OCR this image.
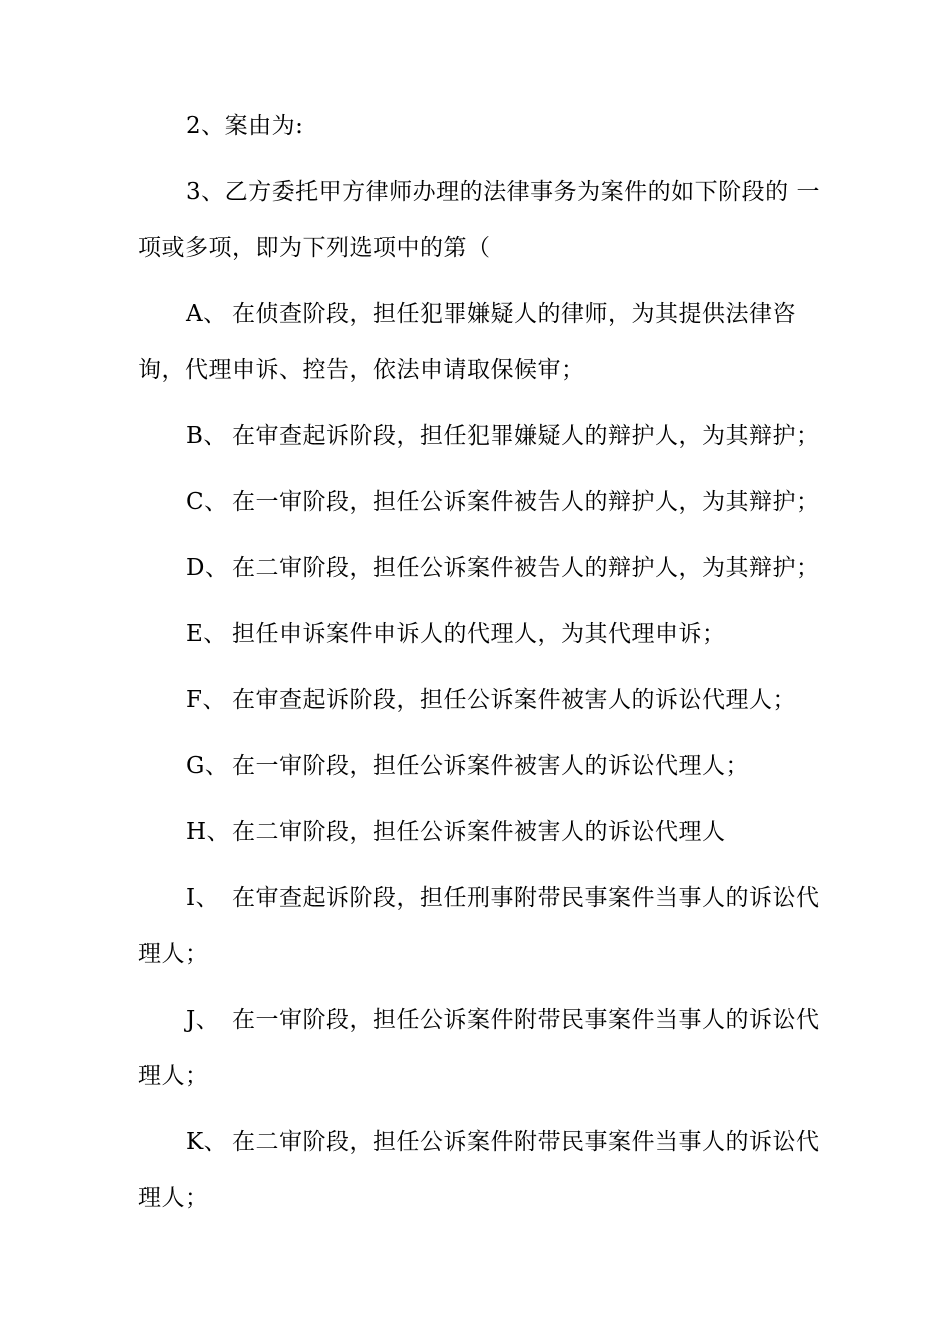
2、案由为:

3、乙方委托甲方律师办理的法律事务为案件的如下阶段的 一项或多项，即为下列选项中的第（

A、 在侦查阶段，担任犯罪嫌疑人的律师，为其提供法律咨询，代理申诉、控告，依法申请取保候审；

B、 在审查起诉阶段，担任犯罪嫌疑人的辩护人，为其辩护；

C、 在一审阶段，担任公诉案件被告人的辩护人，为其辩护；

D、 在二审阶段，担任公诉案件被告人的辩护人，为其辩护；

E、 担任申诉案件申诉人的代理人，为其代理申诉；

F、 在审查起诉阶段，担任公诉案件被害人的诉讼代理人；

G、 在一审阶段，担任公诉案件被害人的诉讼代理人；

H、在二审阶段，担任公诉案件被害人的诉讼代理人

I、 在审查起诉阶段，担任刑事附带民事案件当事人的诉讼代理人；

J、 在一审阶段，担任公诉案件附带民事案件当事人的诉讼代理人；

K、 在二审阶段，担任公诉案件附带民事案件当事人的诉讼代理人；
